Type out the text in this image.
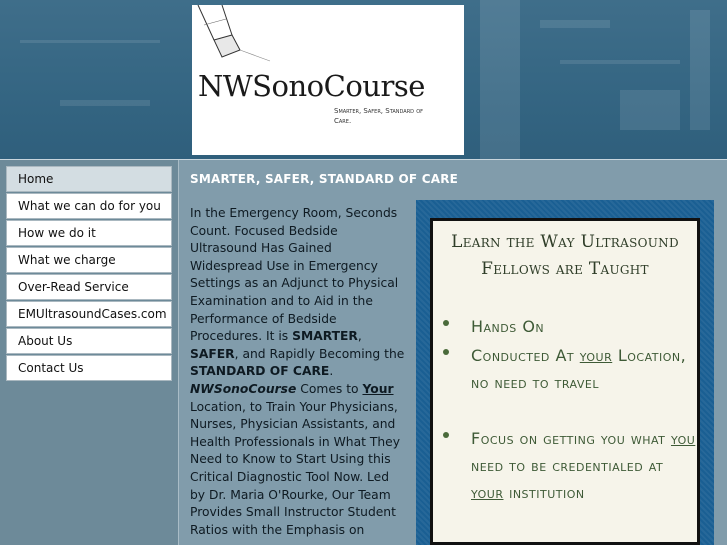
NWSonoCourse
Smarter, Safer, Standard of Care.
Home
What we can do for you
How we do it
What we charge
Over-Read Service
EMUltrasoundCases.com
About Us
Contact Us
SMARTER, SAFER, STANDARD OF CARE
In the Emergency Room, Seconds Count. Focused Bedside Ultrasound Has Gained Widespread Use in Emergency Settings as an Adjunct to Physical Examination and to Aid in the Performance of Bedside Procedures. It is SMARTER, SAFER, and Rapidly Becoming the STANDARD OF CARE. NWSonoCourse Comes to Your Location, to Train Your Physicians, Nurses, Physician Assistants, and Health Professionals in What They Need to Know to Start Using this Critical Diagnostic Tool Now. Led by Dr. Maria O'Rourke, Our Team Provides Small Instructor Student Ratios with the Emphasis on
Learn the Way Ultrasound Fellows are Taught
Hands On
Conducted At your Location, no need to travel
Focus on getting you what you need to be credentialed at your institution
